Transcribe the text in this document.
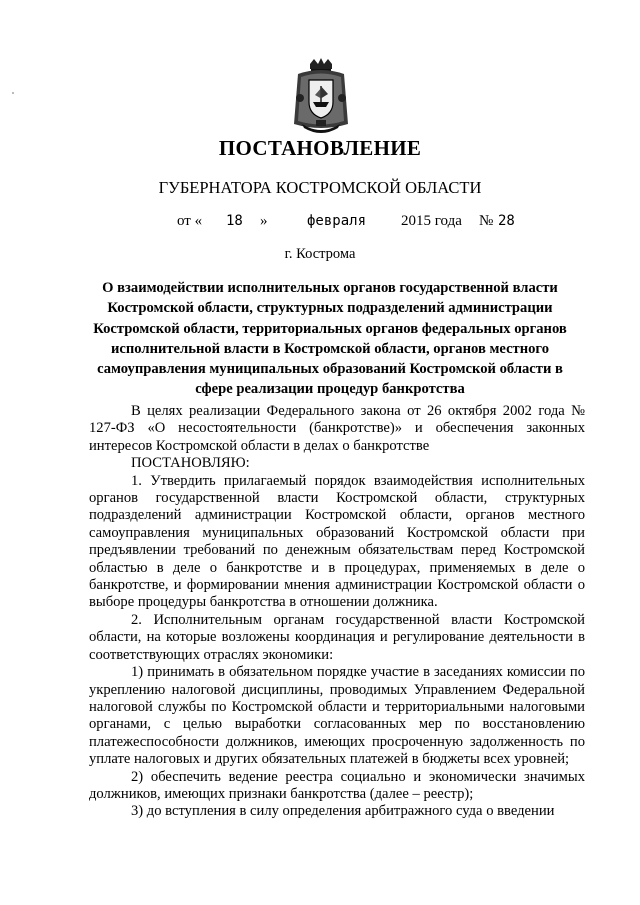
ПОСТАНОВЛЕНИЕ
ГУБЕРНАТОРА КОСТРОМСКОЙ ОБЛАСТИ
от « 18 »	февраля 2015 года № 28
г. Кострома
О взаимодействии исполнительных органов государственной власти Костромской области, структурных подразделений администрации Костромской области, территориальных органов федеральных органов исполнительной власти в Костромской области, органов местного самоуправления муниципальных образований Костромской области в сфере реализации процедур банкротства

В целях реализации Федерального закона от 26 октября 2002 года № 127-ФЗ «О несостоятельности (банкротстве)» и обеспечения законных интересов Костромской области в делах о банкротстве

ПОСТАНОВЛЯЮ:

1. Утвердить прилагаемый порядок взаимодействия исполнительных органов государственной власти Костромской области, структурных подразделений администрации Костромской области, органов местного самоуправления муниципальных образований Костромской области при предъявлении требований по денежным обязательствам перед Костромской областью в деле о банкротстве и в процедурах, применяемых в деле о банкротстве, и формировании мнения администрации Костромской области о выборе процедуры банкротства в отношении должника.

2. Исполнительным органам государственной власти Костромской области, на которые возложены координация и регулирование деятельности в соответствующих отраслях экономики:

1) принимать в обязательном порядке участие в заседаниях комиссии по укреплению налоговой дисциплины, проводимых Управлением Федеральной налоговой службы по Костромской области и территориальными налоговыми органами, с целью выработки согласованных мер по восстановлению платежеспособности должников, имеющих просроченную задолженность по уплате налоговых и других обязательных платежей в бюджеты всех уровней;

2) обеспечить ведение реестра социально и экономически значимых должников, имеющих признаки банкротства (далее – реестр);

3) до вступления в силу определения арбитражного суда о введении
